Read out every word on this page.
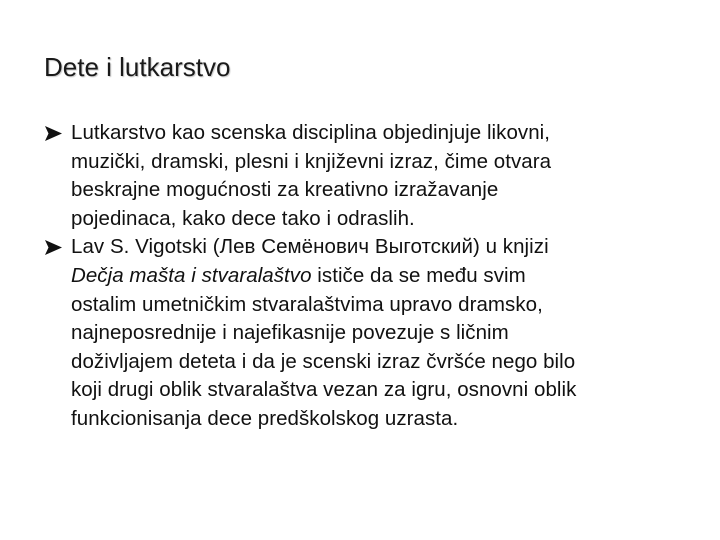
Dete i lutkarstvo
Lutkarstvo kao scenska disciplina objedinjuje likovni,
muzički, dramski, plesni i književni izraz, čime otvara
beskrajne mogućnosti za kreativno izražavanje
pojedinaca, kako dece tako i odraslih.
Lav S. Vigotski (Лев Семёнович Выготский) u knjizi
Dečja mašta i stvaralaštvo ističe da se među svim
ostalim umetničkim stvaralaštvima upravo dramsko,
najneposrednije i najefikasnije povezuje s ličnim
doživljajem deteta i da je scenski izraz čvršće nego bilo
koji drugi oblik stvaralaštva vezan za igru, osnovni oblik
funkcionisanja dece predškolskog uzrasta.
